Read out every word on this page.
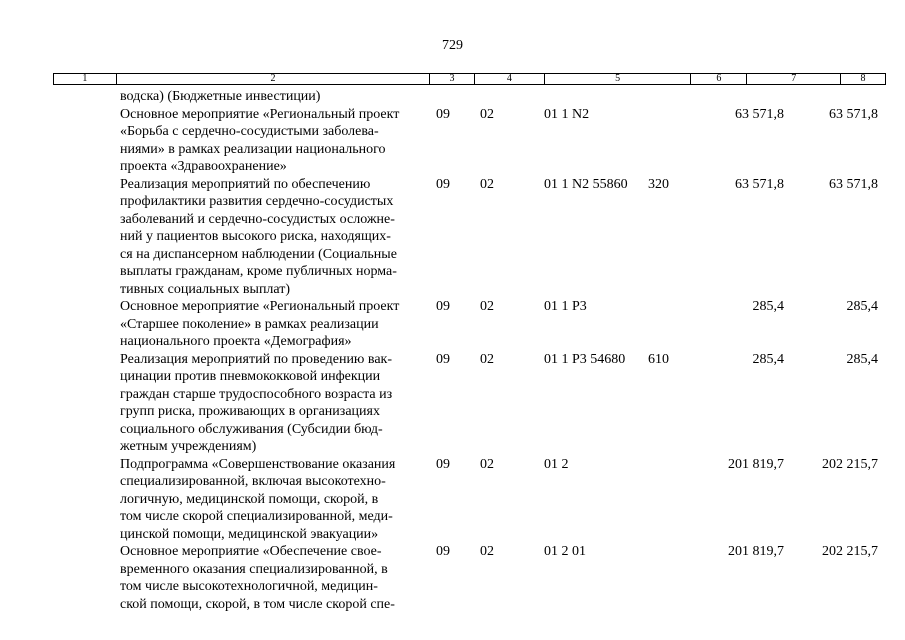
729
1	2	3	4	5	6	7	8
водска) (Бюджетные инвестиции)
Основное мероприятие «Региональный проект
«Борьба с сердечно-сосудистыми заболева-
ниями» в рамках реализации национального
проекта «Здравоохранение»
09 02	01 1 N2	63 571,8	63 571,8
Реализация мероприятий по обеспечению
профилактики развития сердечно-сосудистых
заболеваний и сердечно-сосудистых осложне-
ний у пациентов высокого риска, находящих-
ся на диспансерном наблюдении (Социальные
выплаты гражданам, кроме публичных норма-
тивных социальных выплат)
09 02	01 1 N2 55860 320	63 571,8	63 571,8
Основное мероприятие «Региональный проект
«Старшее поколение» в рамках реализации
национального проекта «Демография»
09 02	01 1 P3	285,4	285,4
Реализация мероприятий по проведению вак-
цинации против пневмококковой инфекции
граждан старше трудоспособного возраста из
групп риска, проживающих в организациях
социального обслуживания (Субсидии бюд-
жетным учреждениям)
09 02	01 1 P3 54680 610	285,4	285,4
Подпрограмма «Совершенствование оказания
специализированной, включая высокотехно-
логичную, медицинской помощи, скорой, в
том числе скорой специализированной, меди-
цинской помощи, медицинской эвакуации»
09 02	01 2	201 819,7	202 215,7
Основное мероприятие «Обеспечение свое-
временного оказания специализированной, в
том числе высокотехнологичной, медицин-
ской помощи, скорой, в том числе скорой спе-
09 02	01 2 01	201 819,7	202 215,7
